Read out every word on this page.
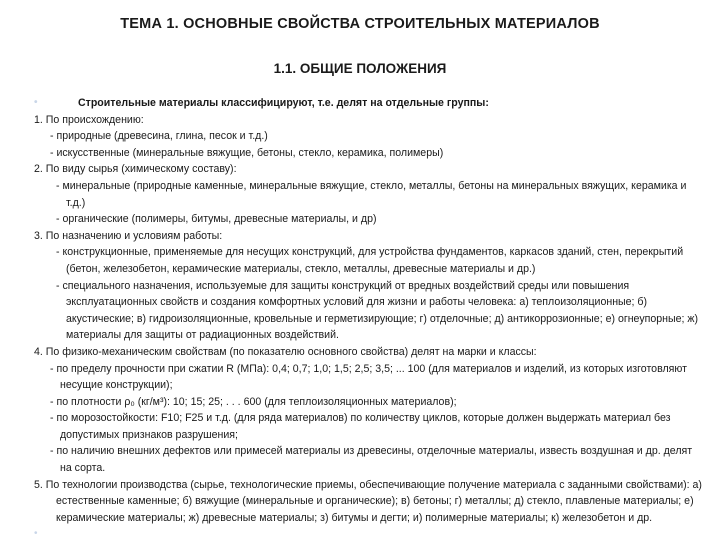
ТЕМА 1. ОСНОВНЫЕ СВОЙСТВА СТРОИТЕЛЬНЫХ МАТЕРИАЛОВ
1.1. ОБЩИЕ ПОЛОЖЕНИЯ
•	Строительные материалы классифицируют, т.е. делят на отдельные группы:
1. По происхождению:
- природные (древесина, глина, песок и т.д.)
- искусственные (минеральные вяжущие, бетоны, стекло, керамика, полимеры)
2. По виду сырья (химическому составу):
- минеральные (природные каменные, минеральные вяжущие, стекло, металлы, бетоны на минеральных вяжущих, керамика и т.д.)
- органические (полимеры, битумы, древесные материалы, и др)
3. По назначению и условиям работы:
- конструкционные, применяемые для несущих конструкций, для устройства фундаментов, каркасов зданий, стен, перекрытий (бетон, железобетон, керамические материалы, стекло, металлы, древесные материалы и др.)
- специального назначения, используемые для защиты конструкций от вредных воздействий среды или повышения эксплуатационных свойств и создания комфортных условий для жизни и работы человека: а) теплоизоляционные; б) акустические; в) гидроизоляционные, кровельные и герметизирующие; г) отделочные; д) антикоррозионные; е) огнеупорные; ж) материалы для защиты от радиационных воздействий.
4. По физико-механическим свойствам (по показателю основного свойства) делят на марки и классы:
- по пределу прочности при сжатии R (МПа): 0,4; 0,7; 1,0; 1,5; 2,5; 3,5; ... 100 (для материалов и изделий, из которых изготовляют несущие конструкции);
- по плотности ρ₀ (кг/м³): 10; 15; 25; . . . 600 (для теплоизоляционных материалов);
- по морозостойкости: F10; F25 и т.д. (для ряда материалов) по количеству циклов, которые должен выдержать материал без допустимых признаков разрушения;
- по наличию внешних дефектов или примесей материалы из древесины, отделочные материалы, известь воздушная и др. делят на сорта.
5. По технологии производства (сырье, технологические приемы, обеспечивающие получение материала с заданными свойствами): а) естественные каменные; б) вяжущие (минеральные и органические); в) бетоны; г) металлы; д) стекло, плавленые материалы; е) керамические материалы; ж) древесные материалы; з) битумы и дегти; и) полимерные материалы; к) железобетон и др.
•
